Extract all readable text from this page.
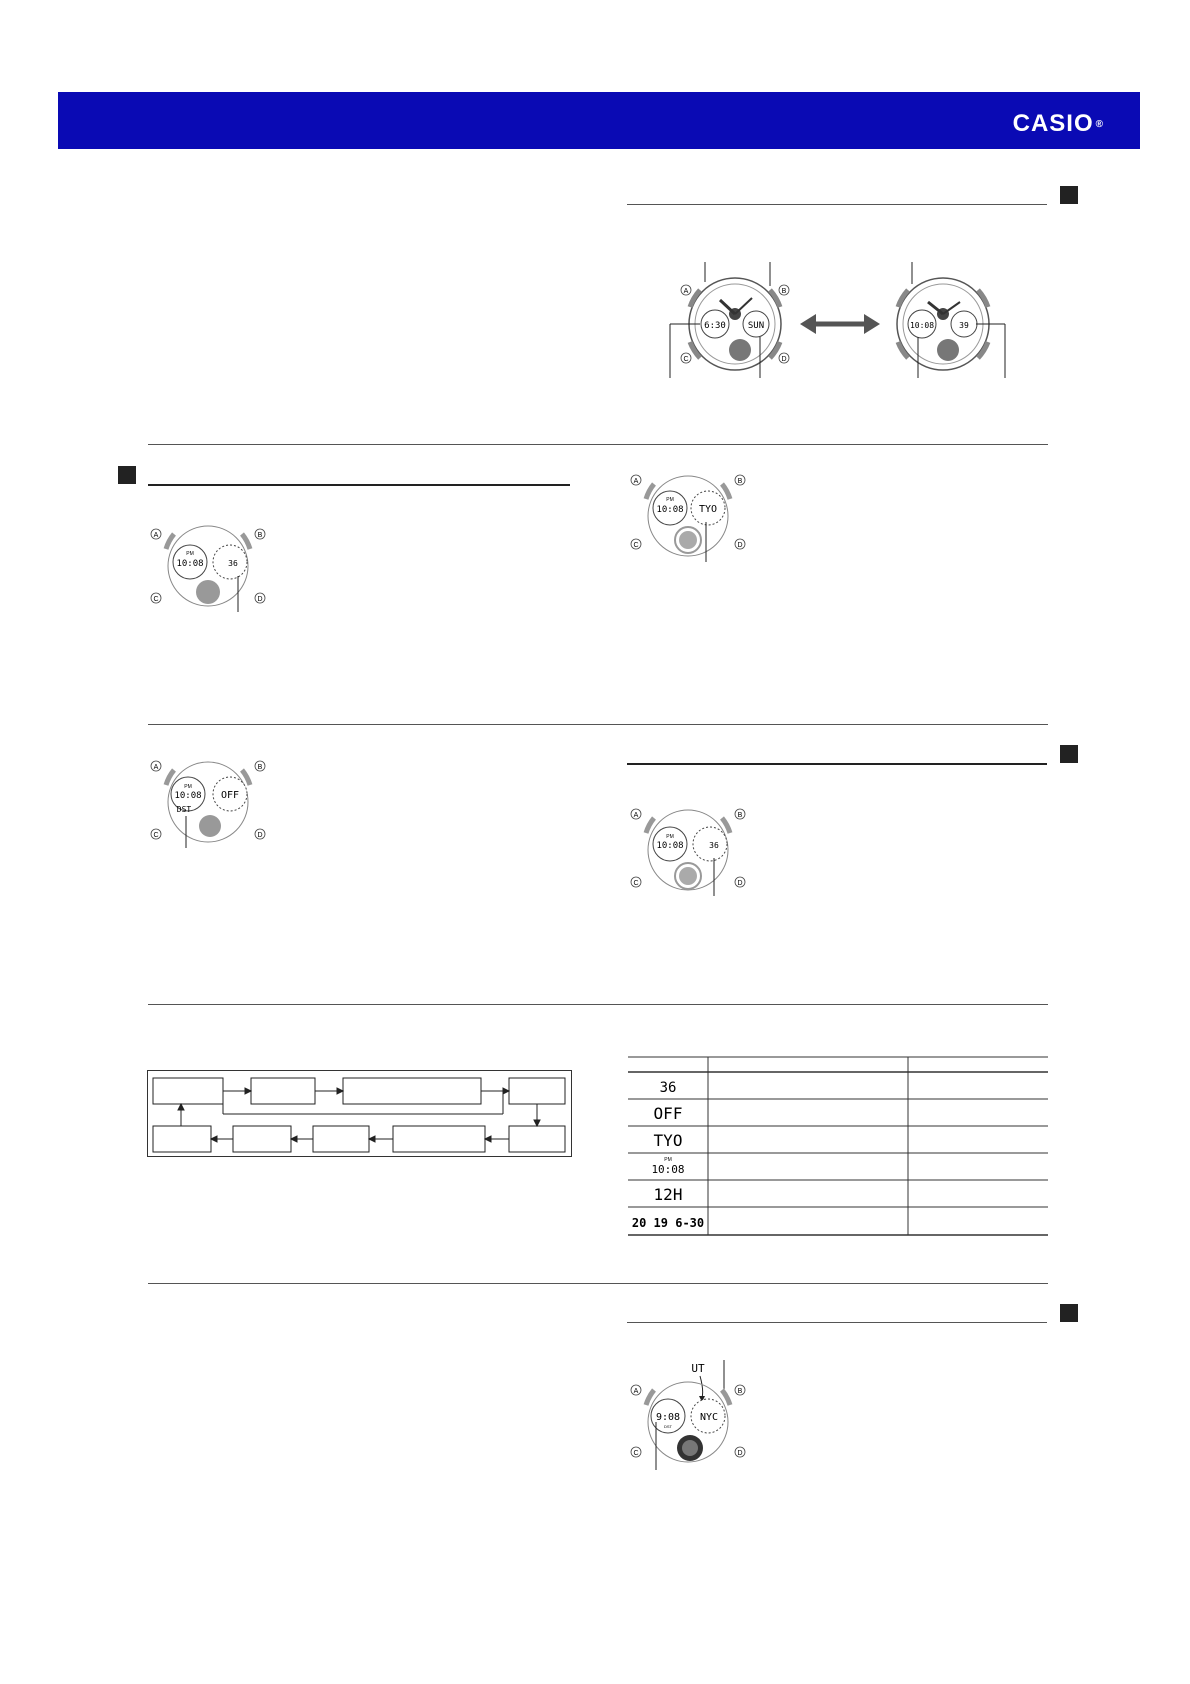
CASIO ®
6:30 SUN
A	B
C	D
10:08	39
PM
10:08	36
A	B
C	D
PM
10:08 TYO
A	B
C	D
PM
10:08
DST
OFF
A	B
C	D	PM
10:08	36
A	B
C	D
36
OFF
TYO
PM
10:08
12H
20 19 6-30
UT
9:08
DST
NYC
A	B
C	D
